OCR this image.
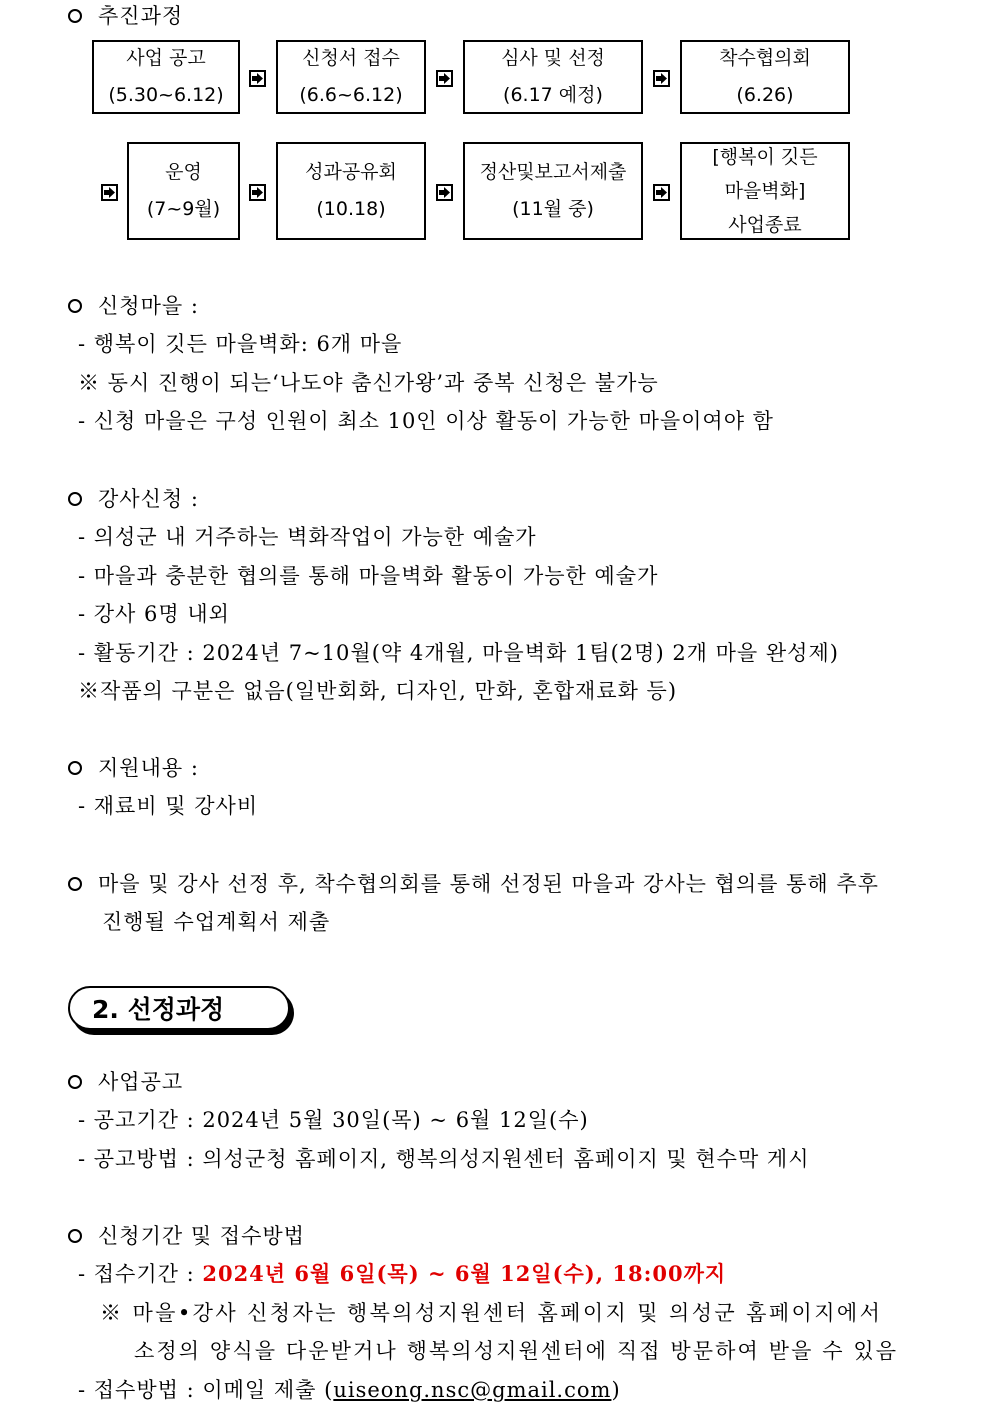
추진과정
사업 공고
(5.30~6.12)
신청서 접수
(6.6~6.12)
심사 및 선정
(6.17 예정)
착수협의회
(6.26)
운영
(7~9월)
성과공유회
(10.18)
정산및보고서제출
(11월 중)
[행복이 깃든
마을벽화]
사업종료
신청마을 :
- 행복이 깃든 마을벽화: 6개 마을
※ 동시 진행이 되는‘나도야 춤신가왕’과 중복 신청은 불가능
- 신청 마을은 구성 인원이 최소 10인 이상 활동이 가능한 마을이여야 함
강사신청 :
- 의성군 내 거주하는 벽화작업이 가능한 예술가
- 마을과 충분한 협의를 통해 마을벽화 활동이 가능한 예술가
- 강사 6명 내외
- 활동기간 : 2024년 7~10월(약 4개월, 마을벽화 1팀(2명) 2개 마을 완성제)
※작품의 구분은 없음(일반회화, 디자인, 만화, 혼합재료화 등)
지원내용 :
- 재료비 및 강사비
마을 및 강사 선정 후, 착수협의회를 통해 선정된 마을과 강사는 협의를 통해 추후
진행될 수업계획서 제출
2. 선정과정
사업공고
- 공고기간 : 2024년 5월 30일(목) ~ 6월 12일(수)
- 공고방법 : 의성군청 홈페이지, 행복의성지원센터 홈페이지 및 현수막 게시
신청기간 및 접수방법
- 접수기간 : 2024년 6월 6일(목) ~ 6월 12일(수), 18:00까지
※ 마을•강사 신청자는 행복의성지원센터 홈페이지 및 의성군 홈페이지에서
소정의 양식을 다운받거나 행복의성지원센터에 직접 방문하여 받을 수 있음
- 접수방법 : 이메일 제출 (uiseong.nsc@gmail.com)
